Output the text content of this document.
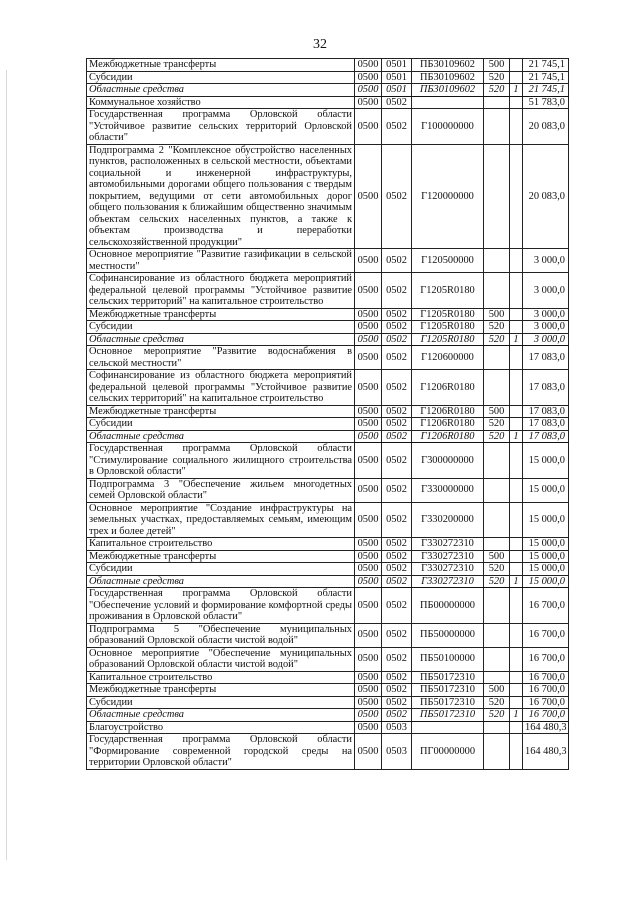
32
Межбюджетные трансферты	0500	0501	ПБ30109602	500		21 745,1
Субсидии	0500	0501	ПБ30109602	520		21 745,1
Областные средства	0500	0501	ПБ30109602	520	1	21 745,1
Коммунальное хозяйство	0500	0502				51 783,0
Государственная программа Орловской области "Устойчивое развитие сельских территорий Орловской области"	0500	0502	Г100000000			20 083,0
Подпрограмма 2 "Комплексное обустройство населенных пунктов, расположенных в сельской местности, объектами социальной и инженерной инфраструктуры, автомобильными дорогами общего пользования с твердым покрытием, ведущими от сети автомобильных дорог общего пользования к ближайшим общественно значимым объектам сельских населенных пунктов, а также к объектам производства и переработки сельскохозяйственной продукции"	0500	0502	Г120000000			20 083,0
Основное мероприятие "Развитие газификации в сельской местности"	0500	0502	Г120500000			3 000,0
Софинансирование из областного бюджета мероприятий федеральной целевой программы "Устойчивое развитие сельских территорий" на капитальное строительство	0500	0502	Г1205R0180			3 000,0
Межбюджетные трансферты	0500	0502	Г1205R0180	500		3 000,0
Субсидии	0500	0502	Г1205R0180	520		3 000,0
Областные средства	0500	0502	Г1205R0180	520	1	3 000,0
Основное мероприятие "Развитие водоснабжения в сельской местности"	0500	0502	Г120600000			17 083,0
Софинансирование из областного бюджета мероприятий федеральной целевой программы "Устойчивое развитие сельских территорий" на капитальное строительство	0500	0502	Г1206R0180			17 083,0
Межбюджетные трансферты	0500	0502	Г1206R0180	500		17 083,0
Субсидии	0500	0502	Г1206R0180	520		17 083,0
Областные средства	0500	0502	Г1206R0180	520	1	17 083,0
Государственная программа Орловской области "Стимулирование социального жилищного строительства в Орловской области"	0500	0502	Г300000000			15 000,0
Подпрограмма 3 "Обеспечение жильем многодетных семей Орловской области"	0500	0502	Г330000000			15 000,0
Основное мероприятие "Создание инфраструктуры на земельных участках, предоставляемых семьям, имеющим трех и более детей"	0500	0502	Г330200000			15 000,0
Капитальное строительство	0500	0502	Г330272310			15 000,0
Межбюджетные трансферты	0500	0502	Г330272310	500		15 000,0
Субсидии	0500	0502	Г330272310	520		15 000,0
Областные средства	0500	0502	Г330272310	520	1	15 000,0
Государственная программа Орловской области "Обеспечение условий и формирование комфортной среды проживания в Орловской области"	0500	0502	ПБ00000000			16 700,0
Подпрограмма 5 "Обеспечение муниципальных образований Орловской области чистой водой"	0500	0502	ПБ50000000			16 700,0
Основное мероприятие "Обеспечение муниципальных образований Орловской области чистой водой"	0500	0502	ПБ50100000			16 700,0
Капитальное строительство	0500	0502	ПБ50172310			16 700,0
Межбюджетные трансферты	0500	0502	ПБ50172310	500		16 700,0
Субсидии	0500	0502	ПБ50172310	520		16 700,0
Областные средства	0500	0502	ПБ50172310	520	1	16 700,0
Благоустройство	0500	0503				164 480,3
Государственная программа Орловской области "Формирование современной городской среды на территории Орловской области"	0500	0503	ПГ00000000			164 480,3
